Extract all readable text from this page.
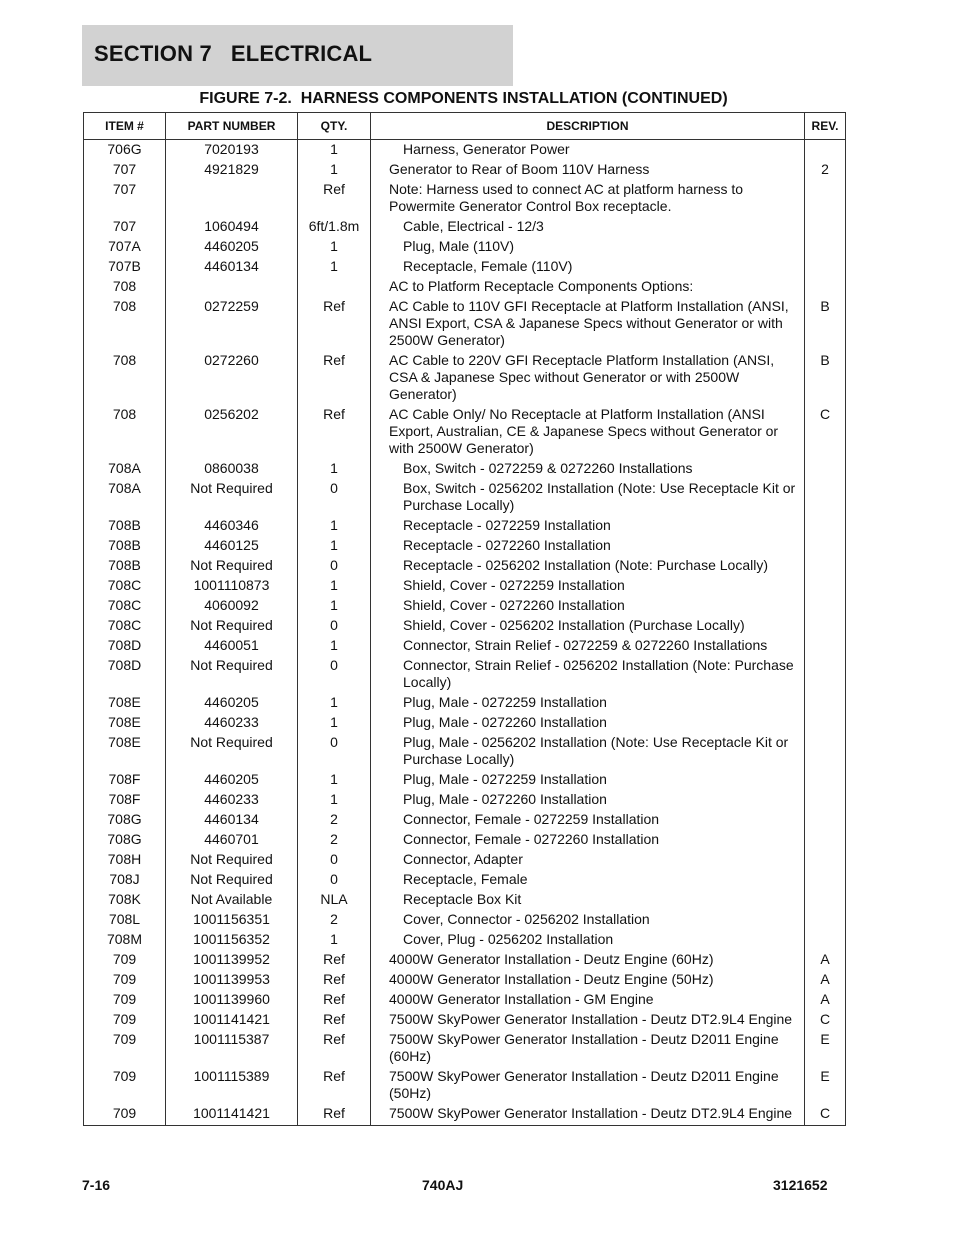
SECTION 7   ELECTRICAL
FIGURE 7-2.  HARNESS COMPONENTS INSTALLATION (CONTINUED)
ITEM #	PART NUMBER	QTY.	DESCRIPTION	REV.
706G	7020193	1	Harness, Generator Power	
707	4921829	1	Generator to Rear of Boom 110V Harness	2
707		Ref	Note: Harness used to connect AC at platform harness to Powermite Generator Control Box receptacle.	
707	1060494	6ft/1.8m	Cable, Electrical - 12/3	
707A	4460205	1	Plug, Male (110V)	
707B	4460134	1	Receptacle, Female (110V)	
708			AC to Platform Receptacle Components Options:	
708	0272259	Ref	AC Cable to 110V GFI Receptacle at Platform Installation (ANSI, ANSI Export, CSA & Japanese Specs without Generator or with 2500W Generator)	B
708	0272260	Ref	AC Cable to 220V GFI Receptacle Platform Installation (ANSI, CSA & Japanese Spec without Generator or with 2500W Generator)	B
708	0256202	Ref	AC Cable Only/ No Receptacle at Platform Installation (ANSI Export, Australian, CE & Japanese Specs without Generator or with 2500W Generator)	C
708A	0860038	1	Box, Switch - 0272259 & 0272260 Installations	
708A	Not Required	0	Box, Switch - 0256202 Installation (Note: Use Receptacle Kit or Purchase Locally)	
708B	4460346	1	Receptacle - 0272259 Installation	
708B	4460125	1	Receptacle - 0272260 Installation	
708B	Not Required	0	Receptacle - 0256202 Installation (Note: Purchase Locally)	
708C	1001110873	1	Shield, Cover - 0272259 Installation	
708C	4060092	1	Shield, Cover - 0272260 Installation	
708C	Not Required	0	Shield, Cover - 0256202 Installation (Purchase Locally)	
708D	4460051	1	Connector, Strain Relief - 0272259 & 0272260 Installations	
708D	Not Required	0	Connector, Strain Relief - 0256202 Installation (Note: Purchase Locally)	
708E	4460205	1	Plug, Male - 0272259 Installation	
708E	4460233	1	Plug, Male - 0272260 Installation	
708E	Not Required	0	Plug, Male - 0256202 Installation (Note: Use Receptacle Kit or Purchase Locally)	
708F	4460205	1	Plug, Male - 0272259 Installation	
708F	4460233	1	Plug, Male - 0272260 Installation	
708G	4460134	2	Connector, Female - 0272259 Installation	
708G	4460701	2	Connector, Female - 0272260 Installation	
708H	Not Required	0	Connector, Adapter	
708J	Not Required	0	Receptacle, Female	
708K	Not Available	NLA	Receptacle Box Kit	
708L	1001156351	2	Cover, Connector - 0256202 Installation	
708M	1001156352	1	Cover, Plug - 0256202 Installation	
709	1001139952	Ref	4000W Generator Installation - Deutz Engine (60Hz)	A
709	1001139953	Ref	4000W Generator Installation - Deutz Engine (50Hz)	A
709	1001139960	Ref	4000W Generator Installation - GM Engine	A
709	1001141421	Ref	7500W SkyPower Generator Installation - Deutz DT2.9L4 Engine	C
709	1001115387	Ref	7500W SkyPower Generator Installation - Deutz D2011 Engine (60Hz)	E
709	1001115389	Ref	7500W SkyPower Generator Installation - Deutz D2011 Engine (50Hz)	E
709	1001141421	Ref	7500W SkyPower Generator Installation - Deutz DT2.9L4 Engine	C
7-16	740AJ	3121652
